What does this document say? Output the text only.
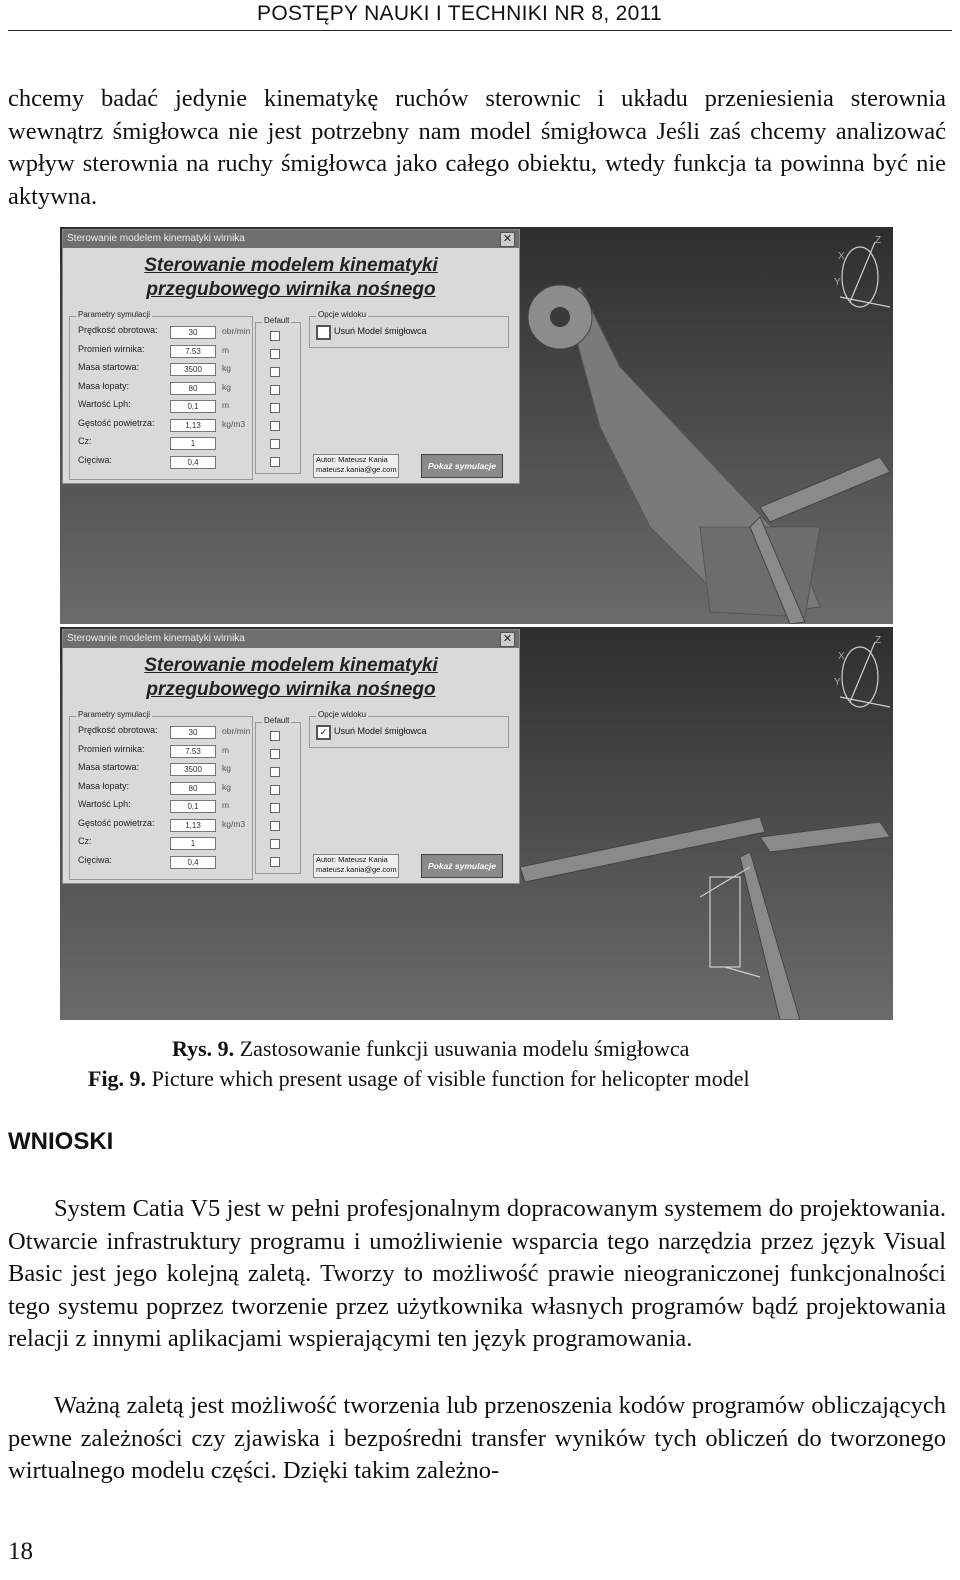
POSTĘPY NAUKI I TECHNIKI NR 8, 2011
chcemy badać jedynie kinematykę ruchów sterownic i układu przeniesienia sterownia wewnątrz śmigłowca nie jest potrzebny nam model śmigłowca Jeśli zaś chcemy analizować wpływ sterownia na ruchy śmigłowca jako całego obiektu, wtedy funkcja ta powinna być nie aktywna.
X
Y
Z
Sterowanie modelem kinematyki wirnika	✕
Sterowanie modelem kinematyki
przegubowego wirnika nośnego
Parametry symulacji
Prędkość obrotowa:	30	obr/min
Promień wirnika:	7.53	m
Masa startowa:	3500	kg
Masa łopaty:	80	kg
Wartość Lph:	0,1	m
Gęstość powietrza:	1,13	kg/m3
Cz:	1
Cięciwa:	0,4
Default
Opcje widoku
Usuń Model śmigłowca
Autor: Mateusz Kania
mateusz.kania@ge.com	Pokaż symulacje
X
Y
Z
Sterowanie modelem kinematyki wirnika	✕
Sterowanie modelem kinematyki
przegubowego wirnika nośnego
Parametry symulacji
Prędkość obrotowa:	30	obr/min
Promień wirnika:	7.53	m
Masa startowa:	3500	kg
Masa łopaty:	80	kg
Wartość Lph:	0,1	m
Gęstość powietrza:	1,13	kg/m3
Cz:	1
Cięciwa:	0,4
Default
Opcje widoku
✓ Usuń Model śmigłowca
Autor: Mateusz Kania
mateusz.kania@ge.com	Pokaż symulacje
Rys. 9. Zastosowanie funkcji usuwania modelu śmigłowca
Fig. 9. Picture which present usage of visible function for helicopter model
WNIOSKI
System Catia V5 jest w pełni profesjonalnym dopracowanym systemem do projektowania. Otwarcie infrastruktury programu i umożliwienie wsparcia tego narzędzia przez język Visual Basic jest jego kolejną zaletą. Tworzy to możliwość prawie nieograniczonej funkcjonalności tego systemu poprzez tworzenie przez użytkownika własnych programów bądź projektowania relacji z innymi aplikacjami wspierającymi ten język programowania.
Ważną zaletą jest możliwość tworzenia lub przenoszenia kodów programów obliczających pewne zależności czy zjawiska i bezpośredni transfer wyników tych obliczeń do tworzonego wirtualnego modelu części. Dzięki takim zależno-
18
